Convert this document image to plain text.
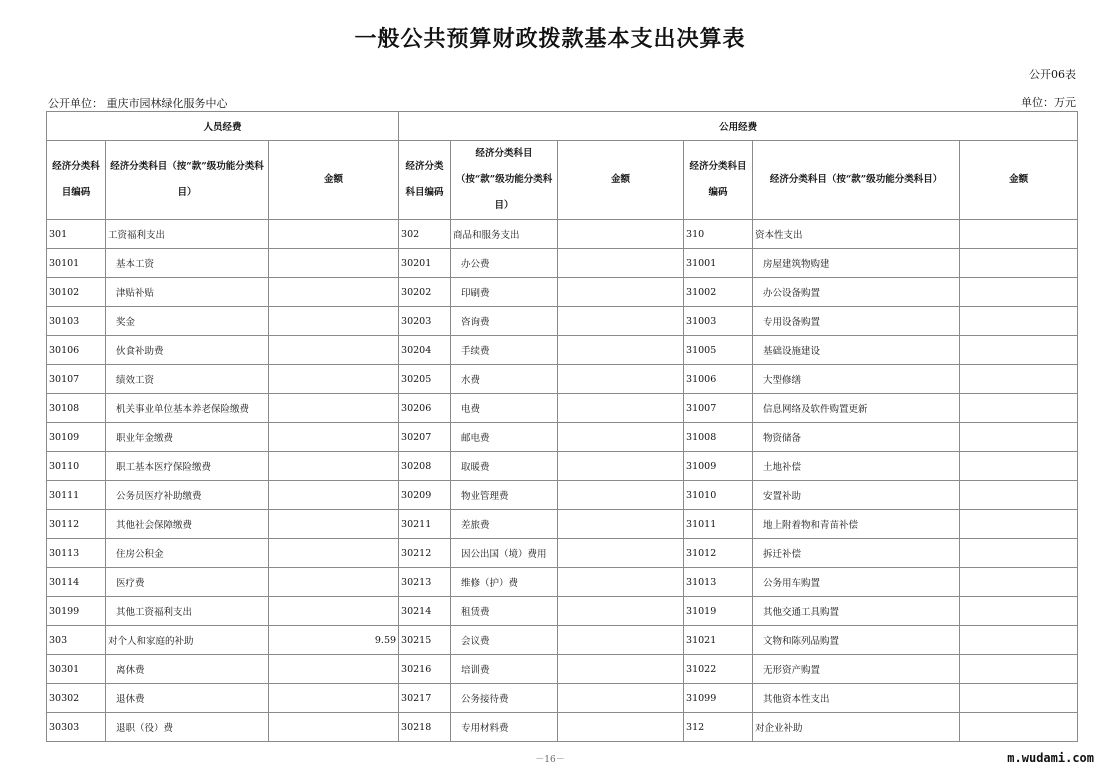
一般公共预算财政拨款基本支出决算表
公开06表
公开单位： 重庆市园林绿化服务中心	单位：万元
人员经费			公用经费					
经济分类科目编码	经济分类科目（按“款”级功能分类科目）	金额	经济分类科目编码	经济分类科目（按“款”级功能分类科目）	金额	经济分类科目编码	经济分类科目（按“款”级功能分类科目）	金额
301	工资福利支出		302	商品和服务支出		310	资本性支出	
30101	基本工资		30201	办公费		31001	房屋建筑物购建	
30102	津贴补贴		30202	印刷费		31002	办公设备购置	
30103	奖金		30203	咨询费		31003	专用设备购置	
30106	伙食补助费		30204	手续费		31005	基础设施建设	
30107	绩效工资		30205	水费		31006	大型修缮	
30108	机关事业单位基本养老保险缴费		30206	电费		31007	信息网络及软件购置更新	
30109	职业年金缴费		30207	邮电费		31008	物资储备	
30110	职工基本医疗保险缴费		30208	取暖费		31009	土地补偿	
30111	公务员医疗补助缴费		30209	物业管理费		31010	安置补助	
30112	其他社会保障缴费		30211	差旅费		31011	地上附着物和青苗补偿	
30113	住房公积金		30212	因公出国（境）费用		31012	拆迁补偿	
30114	医疗费		30213	维修（护）费		31013	公务用车购置	
30199	其他工资福利支出		30214	租赁费		31019	其他交通工具购置	
303	对个人和家庭的补助	9.59	30215	会议费		31021	文物和陈列品购置	
30301	离休费		30216	培训费		31022	无形资产购置	
30302	退休费		30217	公务接待费		31099	其他资本性支出	
30303	退职（役）费		30218	专用材料费		312	对企业补助	
－16－	m.wudami.com
